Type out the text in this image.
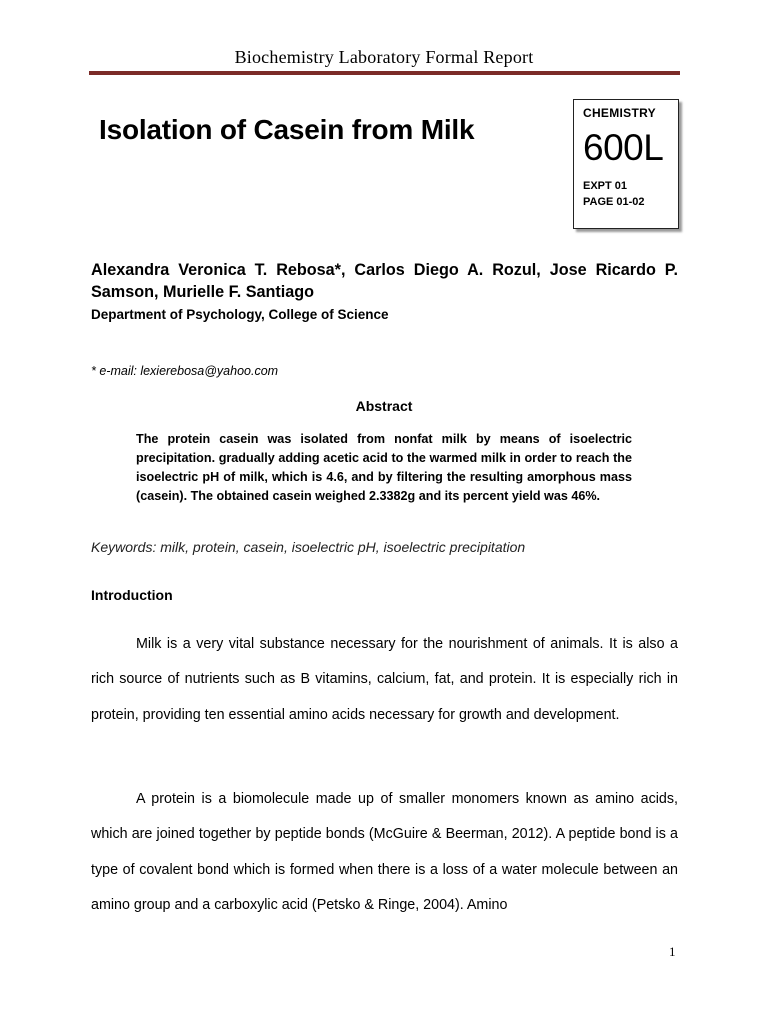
Biochemistry Laboratory Formal Report
Isolation of Casein from Milk
CHEMISTRY
600L
EXPT 01
PAGE 01-02
Alexandra Veronica T. Rebosa*, Carlos Diego A. Rozul, Jose Ricardo P. Samson, Murielle F. Santiago
Department of Psychology, College of Science
* e-mail: lexierebosa@yahoo.com
Abstract
The protein casein was isolated from nonfat milk by means of isoelectric precipitation. gradually adding acetic acid to the warmed milk in order to reach the isoelectric pH of milk, which is 4.6, and by filtering the resulting amorphous mass (casein). The obtained casein weighed 2.3382g and its percent yield was 46%.
Keywords: milk, protein, casein, isoelectric pH, isoelectric precipitation
Introduction
Milk is a very vital substance necessary for the nourishment of animals. It is also a rich source of nutrients such as B vitamins, calcium, fat, and protein. It is especially rich in protein, providing ten essential amino acids necessary for growth and development.
A protein is a biomolecule made up of smaller monomers known as amino acids, which are joined together by peptide bonds (McGuire & Beerman, 2012). A peptide bond is a type of covalent bond which is formed when there is a loss of a water molecule between an amino group and a carboxylic acid (Petsko & Ringe, 2004). Amino
1
